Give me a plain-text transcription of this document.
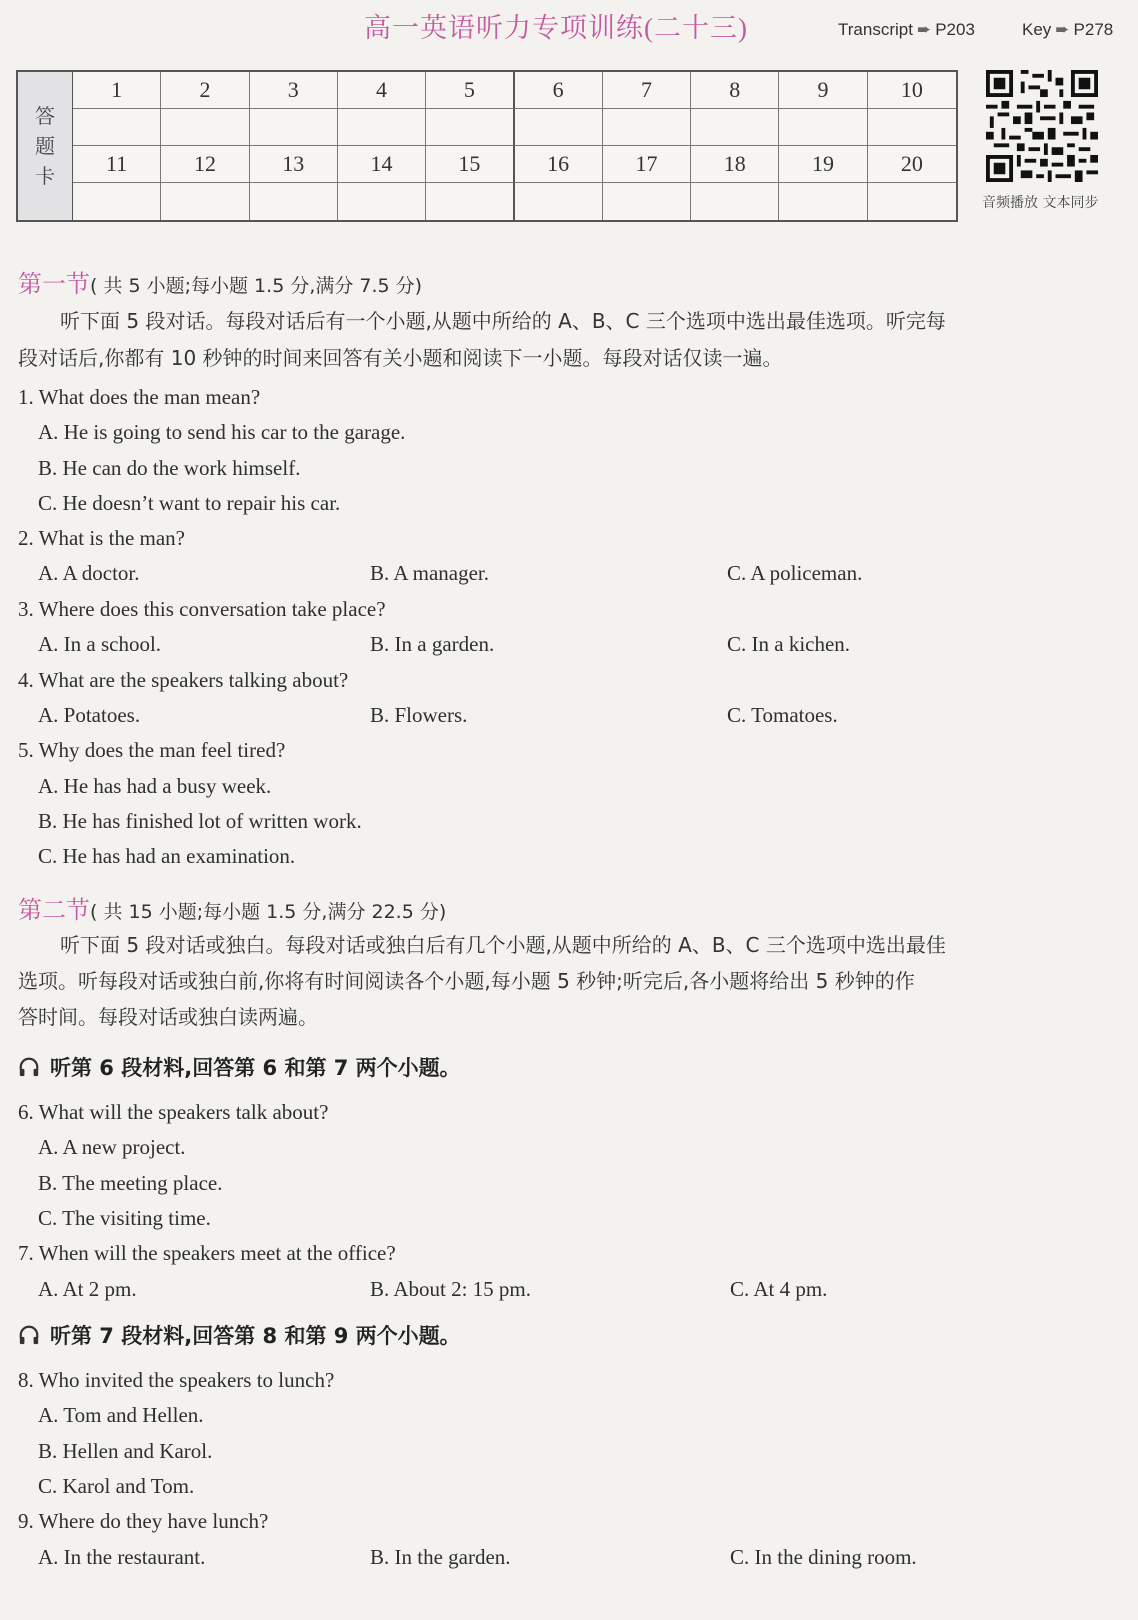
高一英语听力专项训练(二十三)	Transcript ➨ P203	Key ➨ P278
答
题
卡
1	2	3	4	5	6	7	8	9	10
11	12	13	14	15	16	17	18	19	20
音频播放 文本同步
第一节( 共 5 小题;每小题 1.5 分,满分 7.5 分)
听下面 5 段对话。每段对话后有一个小题,从题中所给的 A、B、C 三个选项中选出最佳选项。听完每
段对话后,你都有 10 秒钟的时间来回答有关小题和阅读下一小题。每段对话仅读一遍。
1. What does the man mean?
A. He is going to send his car to the garage.
B. He can do the work himself.
C. He doesn’t want to repair his car.
2. What is the man?
A. A doctor.	B. A manager.	C. A policeman.
3. Where does this conversation take place?
A. In a school.	B. In a garden.	C. In a kichen.
4. What are the speakers talking about?
A. Potatoes.	B. Flowers.	C. Tomatoes.
5. Why does the man feel tired?
A. He has had a busy week.
B. He has finished lot of written work.
C. He has had an examination.
第二节( 共 15 小题;每小题 1.5 分,满分 22.5 分)
听下面 5 段对话或独白。每段对话或独白后有几个小题,从题中所给的 A、B、C 三个选项中选出最佳
选项。听每段对话或独白前,你将有时间阅读各个小题,每小题 5 秒钟;听完后,各小题将给出 5 秒钟的作
答时间。每段对话或独白读两遍。
听第 6 段材料,回答第 6 和第 7 两个小题。
6. What will the speakers talk about?
A. A new project.
B. The meeting place.
C. The visiting time.
7. When will the speakers meet at the office?
A. At 2 pm.	B. About 2: 15 pm.	C. At 4 pm.
听第 7 段材料,回答第 8 和第 9 两个小题。
8. Who invited the speakers to lunch?
A. Tom and Hellen.
B. Hellen and Karol.
C. Karol and Tom.
9. Where do they have lunch?
A. In the restaurant.	B. In the garden.	C. In the dining room.
